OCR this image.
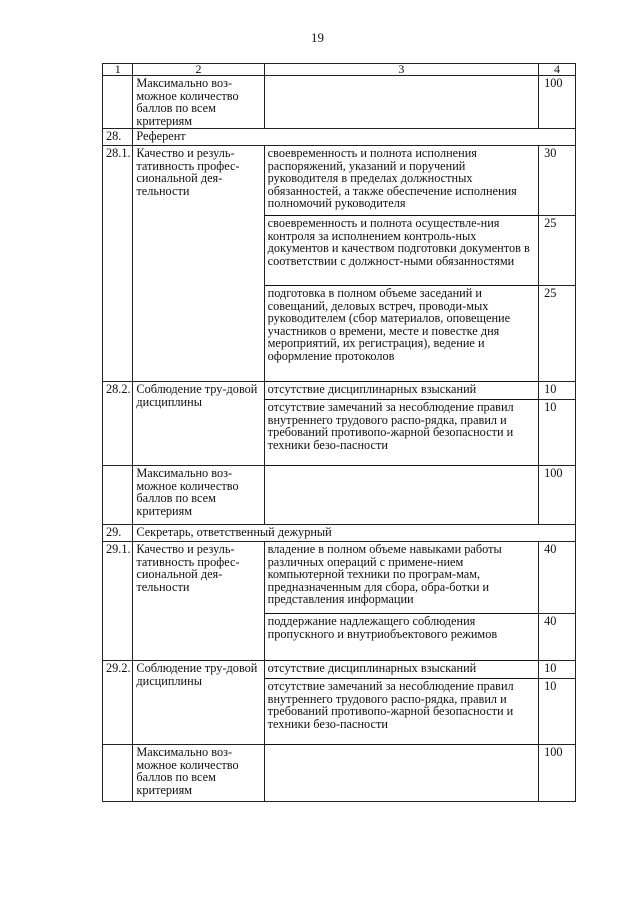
19
1	2	3	4
	Максимально воз-можное количество баллов по всем критериям		100
28.	Референт		
28.1.	Качество и резуль-тативность профес-сиональной дея-тельности	своевременность и полнота исполнения распоряжений, указаний и поручений руководителя в пределах должностных обязанностей, а также обеспечение исполнения полномочий руководителя	30
		своевременность и полнота осуществле-ния контроля за исполнением контроль-ных документов и качеством подготовки документов в соответствии с должност-ными обязанностями	25
		подготовка в полном объеме заседаний и совещаний, деловых встреч, проводи-мых руководителем (сбор материалов, оповещение участников о времени, месте и повестке дня мероприятий, их регистрация), ведение и оформление протоколов	25
28.2.	Соблюдение тру-довой дисциплины	отсутствие дисциплинарных взысканий	10
		отсутствие замечаний за несоблюдение правил внутреннего трудового распо-рядка, правил и требований противопо-жарной безопасности и техники безо-пасности	10
	Максимально воз-можное количество баллов по всем критериям		100
29.	Секретарь, ответственный дежурный		
29.1.	Качество и резуль-тативность профес-сиональной дея-тельности	владение в полном объеме навыками работы различных операций с примене-нием компьютерной техники по програм-мам, предназначенным для сбора, обра-ботки и представления информации	40
		поддержание надлежащего соблюдения пропускного и внутриобъектового режимов	40
29.2.	Соблюдение тру-довой дисциплины	отсутствие дисциплинарных взысканий	10
		отсутствие замечаний за несоблюдение правил внутреннего трудового распо-рядка, правил и требований противопо-жарной безопасности и техники безо-пасности	10
	Максимально воз-можное количество баллов по всем критериям		100
